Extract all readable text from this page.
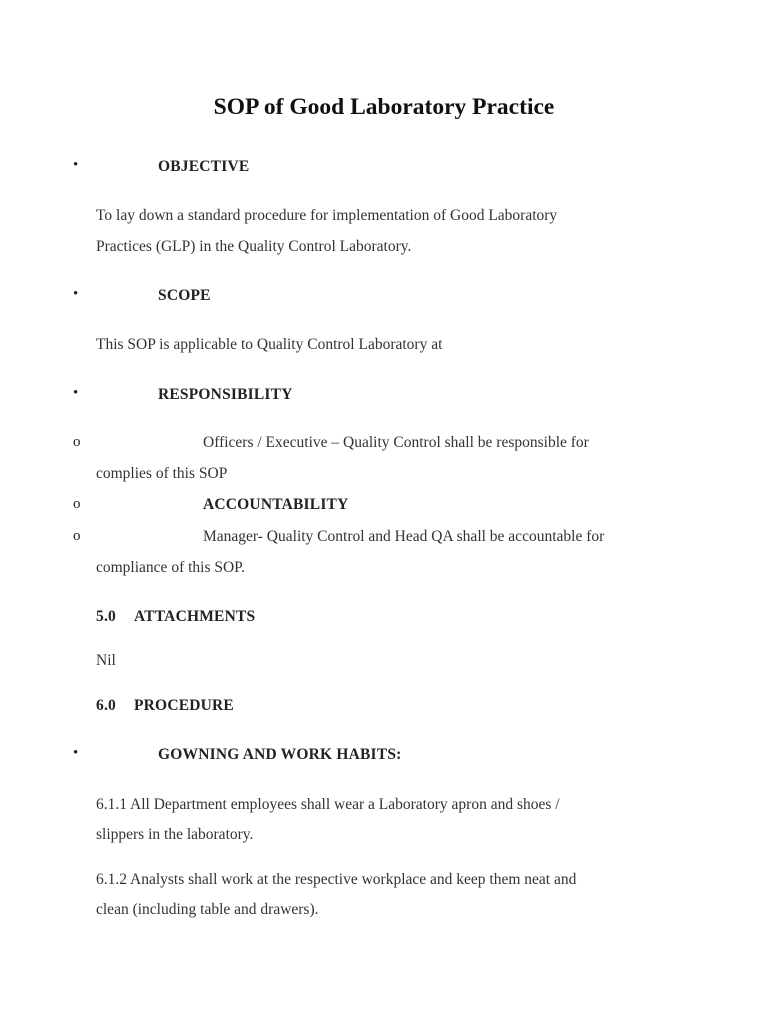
SOP of Good Laboratory Practice
•	OBJECTIVE
To lay down a standard procedure for implementation of Good Laboratory
Practices (GLP) in the Quality Control Laboratory.
•	SCOPE
This SOP is applicable to Quality Control Laboratory at
•	RESPONSIBILITY
o	Officers / Executive – Quality Control shall be responsible for
complies of this SOP
o	ACCOUNTABILITY
o	Manager- Quality Control and Head QA shall be accountable for
compliance of this SOP.
5.0 ATTACHMENTS
Nil
6.0 PROCEDURE
•	GOWNING AND WORK HABITS:
6.1.1 All Department employees shall wear a Laboratory apron and shoes /
slippers in the laboratory.
6.1.2 Analysts shall work at the respective workplace and keep them neat and
clean (including table and drawers).
